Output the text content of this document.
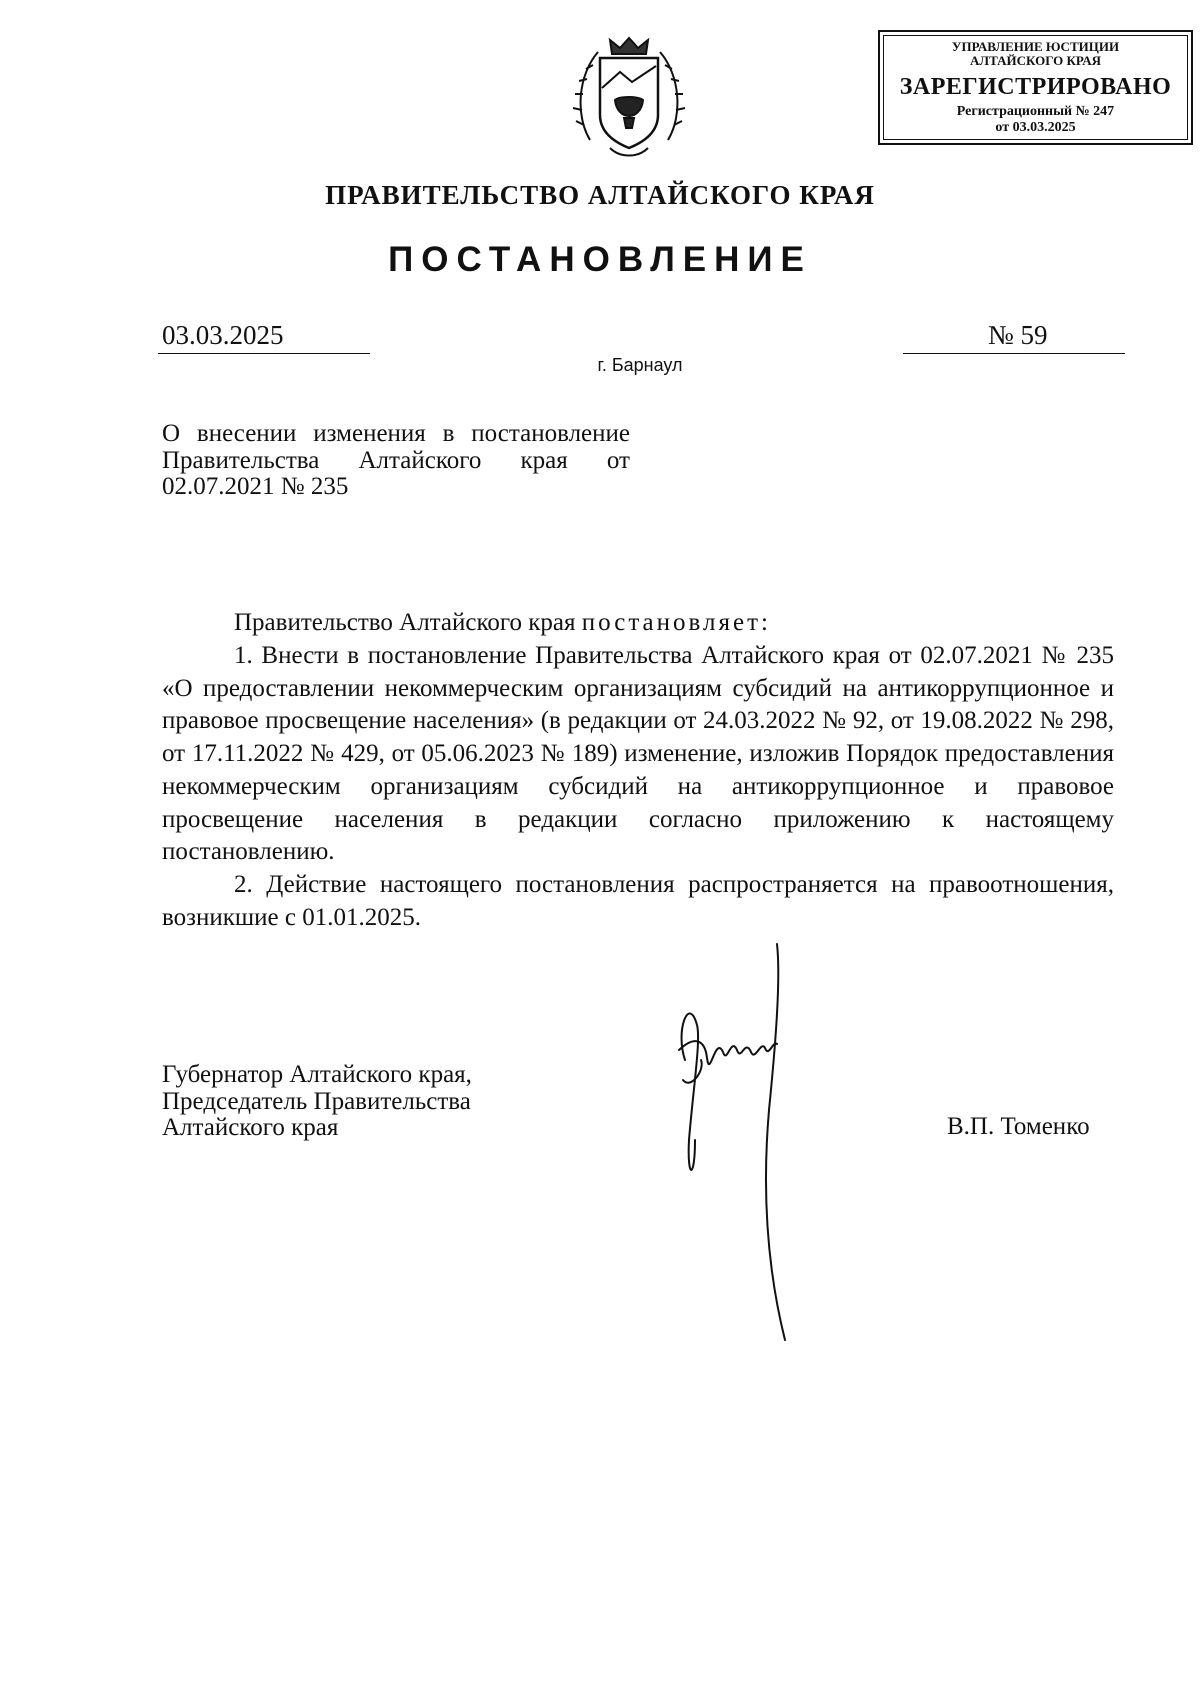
УПРАВЛЕНИЕ ЮСТИЦИИ
АЛТАЙСКОГО КРАЯ
ЗАРЕГИСТРИРОВАНО
Регистрационный № 247
от 03.03.2025
ПРАВИТЕЛЬСТВО АЛТАЙСКОГО КРАЯ
ПОСТАНОВЛЕНИЕ
03.03.2025	№ 59
г. Барнаул
О внесении изменения в постановление Правительства Алтайского края от 02.07.2021 № 235

Правительство Алтайского края постановляет:

1. Внести в постановление Правительства Алтайского края от 02.07.2021 № 235 «О предоставлении некоммерческим организациям субсидий на антикоррупционное и правовое просвещение населения» (в редакции от 24.03.2022 № 92, от 19.08.2022 № 298, от 17.11.2022 № 429, от 05.06.2023 № 189) изменение, изложив Порядок предоставления некоммерческим организациям субсидий на антикоррупционное и правовое просвещение населения в редакции согласно приложению к настоящему постановлению.

2. Действие настоящего постановления распространяется на правоотношения, возникшие с 01.01.2025.

Губернатор Алтайского края,
Председатель Правительства
Алтайского края	В.П. Томенко
